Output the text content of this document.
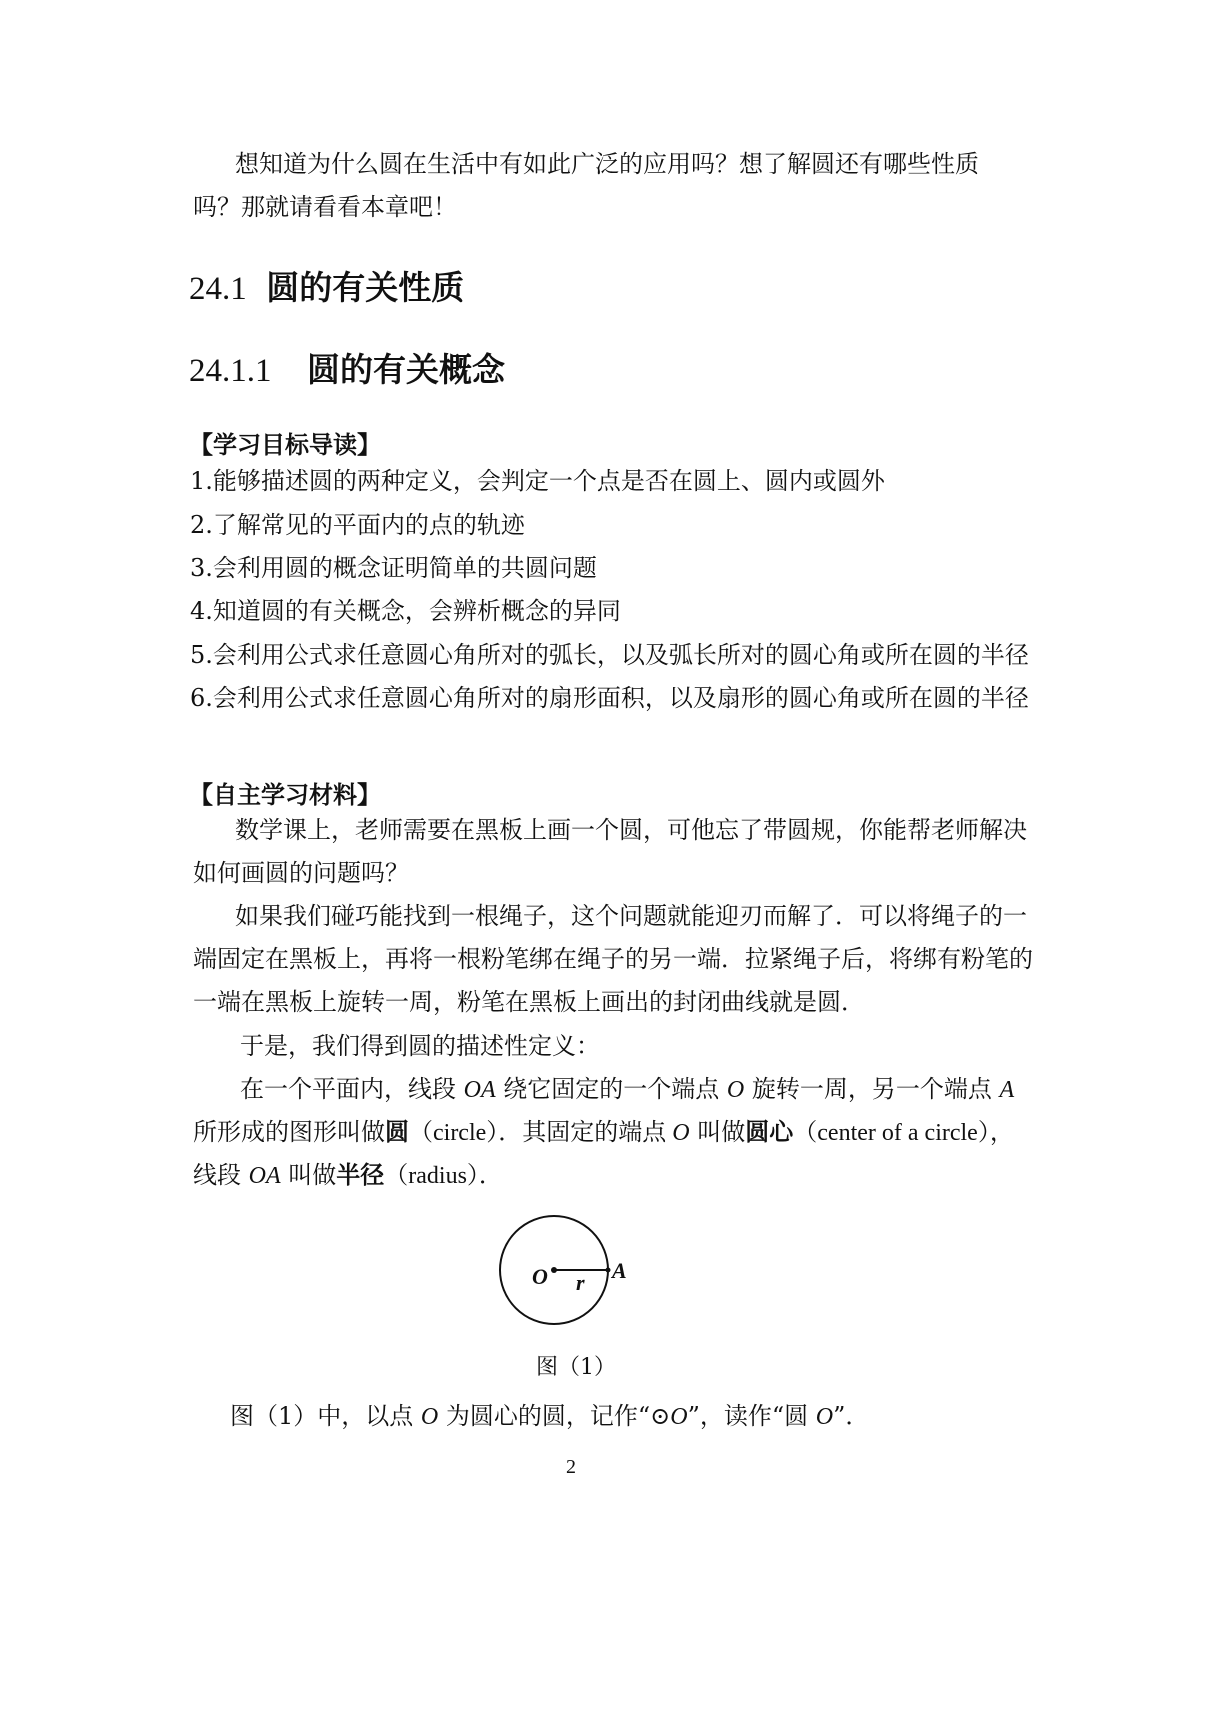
想知道为什么圆在生活中有如此广泛的应用吗？想了解圆还有哪些性质
吗？那就请看看本章吧！
24.1 圆的有关性质
24.1.1 圆的有关概念
【学习目标导读】
1.能够描述圆的两种定义，会判定一个点是否在圆上、圆内或圆外
2.了解常见的平面内的点的轨迹
3.会利用圆的概念证明简单的共圆问题
4.知道圆的有关概念，会辨析概念的异同
5.会利用公式求任意圆心角所对的弧长，以及弧长所对的圆心角或所在圆的半径
6.会利用公式求任意圆心角所对的扇形面积，以及扇形的圆心角或所在圆的半径
【自主学习材料】
数学课上，老师需要在黑板上画一个圆，可他忘了带圆规，你能帮老师解决
如何画圆的问题吗？
如果我们碰巧能找到一根绳子，这个问题就能迎刃而解了．可以将绳子的一
端固定在黑板上，再将一根粉笔绑在绳子的另一端．拉紧绳子后，将绑有粉笔的
一端在黑板上旋转一周，粉笔在黑板上画出的封闭曲线就是圆．
于是，我们得到圆的描述性定义：
在一个平面内，线段 OA 绕它固定的一个端点 O 旋转一周，另一个端点 A
所形成的图形叫做圆（circle）．其固定的端点 O 叫做圆心（center of a circle），
线段 OA 叫做半径（radius）．
O r A
图（1）
图（1）中，以点 O 为圆心的圆，记作“⊙O”，读作“圆 O”．
2
